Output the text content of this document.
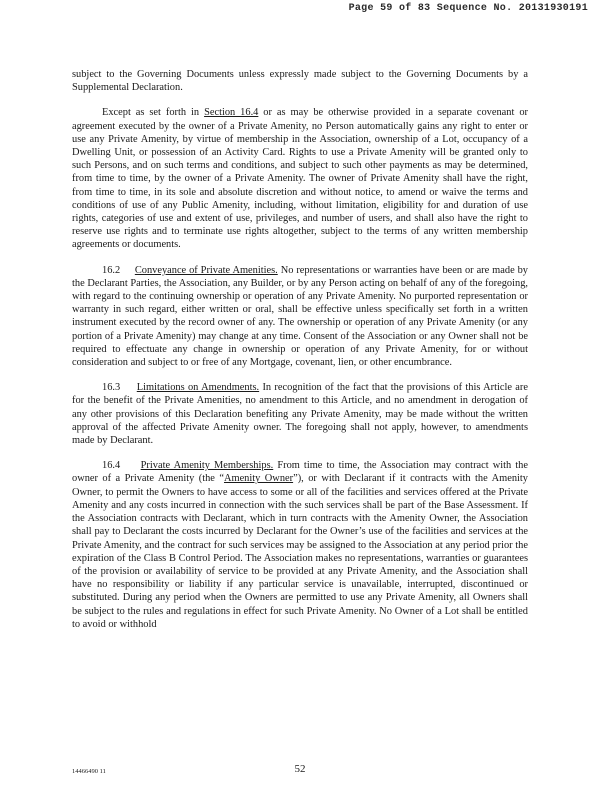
Page 59 of 83 Sequence No. 20131930191

subject to the Governing Documents unless expressly made subject to the Governing Documents by a Supplemental Declaration.

Except as set forth in Section 16.4 or as may be otherwise provided in a separate covenant or agreement executed by the owner of a Private Amenity, no Person automatically gains any right to enter or use any Private Amenity, by virtue of membership in the Association, ownership of a Lot, occupancy of a Dwelling Unit, or possession of an Activity Card. Rights to use a Private Amenity will be granted only to such Persons, and on such terms and conditions, and subject to such other payments as may be determined, from time to time, by the owner of a Private Amenity. The owner of Private Amenity shall have the right, from time to time, in its sole and absolute discretion and without notice, to amend or waive the terms and conditions of use of any Public Amenity, including, without limitation, eligibility for and duration of use rights, categories of use and extent of use, privileges, and number of users, and shall also have the right to reserve use rights and to terminate use rights altogether, subject to the terms of any written membership agreements or documents.

16.2 Conveyance of Private Amenities. No representations or warranties have been or are made by the Declarant Parties, the Association, any Builder, or by any Person acting on behalf of any of the foregoing, with regard to the continuing ownership or operation of any Private Amenity. No purported representation or warranty in such regard, either written or oral, shall be effective unless specifically set forth in a written instrument executed by the record owner of any. The ownership or operation of any Private Amenity (or any portion of a Private Amenity) may change at any time. Consent of the Association or any Owner shall not be required to effectuate any change in ownership or operation of any Private Amenity, for or without consideration and subject to or free of any Mortgage, covenant, lien, or other encumbrance.

16.3 Limitations on Amendments. In recognition of the fact that the provisions of this Article are for the benefit of the Private Amenities, no amendment to this Article, and no amendment in derogation of any other provisions of this Declaration benefiting any Private Amenity, may be made without the written approval of the affected Private Amenity owner. The foregoing shall not apply, however, to amendments made by Declarant.

16.4 Private Amenity Memberships. From time to time, the Association may contract with the owner of a Private Amenity (the “Amenity Owner”), or with Declarant if it contracts with the Amenity Owner, to permit the Owners to have access to some or all of the facilities and services offered at the Private Amenity and any costs incurred in connection with the such services shall be part of the Base Assessment. If the Association contracts with Declarant, which in turn contracts with the Amenity Owner, the Association shall pay to Declarant the costs incurred by Declarant for the Owner’s use of the facilities and services at the Private Amenity, and the contract for such services may be assigned to the Association at any period prior the expiration of the Class B Control Period. The Association makes no representations, warranties or guarantees of the provision or availability of service to be provided at any Private Amenity, and the Association shall have no responsibility or liability if any particular service is unavailable, interrupted, discontinued or substituted. During any period when the Owners are permitted to use any Private Amenity, all Owners shall be subject to the rules and regulations in effect for such Private Amenity. No Owner of a Lot shall be entitled to avoid or withhold

14466490 11	52
